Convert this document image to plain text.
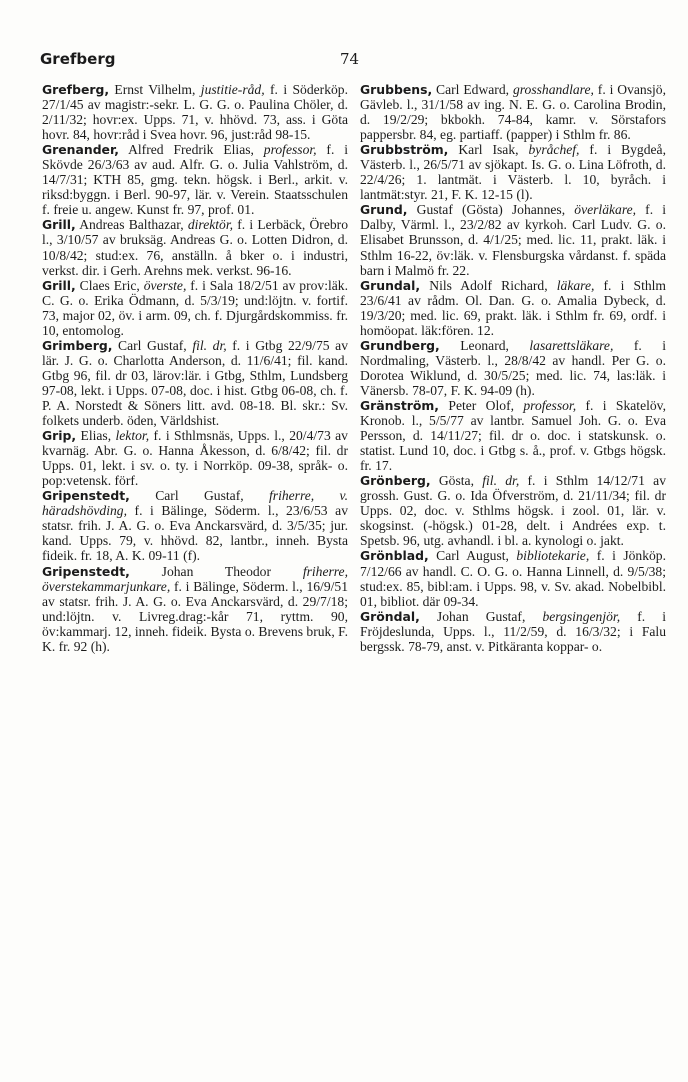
Grefberg	74
Grefberg, Ernst Vilhelm, justitie-råd, f. i Söderköp. 27/1/45 av magistr:-sekr. L. G. G. o. Paulina Chöler, d. 2/11/32; hovr:ex. Upps. 71, v. hhövd. 73, ass. i Göta hovr. 84, hovr:råd i Svea hovr. 96, just:råd 98-15.
Grenander, Alfred Fredrik Elias, professor, f. i Skövde 26/3/63 av aud. Alfr. G. o. Julia Vahlström, d. 14/7/31; KTH 85, gmg. tekn. högsk. i Berl., arkit. v. riksd:byggn. i Berl. 90-97, lär. v. Verein. Staatsschulen f. freie u. angew. Kunst fr. 97, prof. 01.
Grill, Andreas Balthazar, direktör, f. i Lerbäck, Örebro l., 3/10/57 av bruksäg. Andreas G. o. Lotten Didron, d. 10/8/42; stud:ex. 76, anställn. å bker o. i industri, verkst. dir. i Gerh. Arehns mek. verkst. 96-16.
Grill, Claes Eric, överste, f. i Sala 18/2/51 av prov:läk. C. G. o. Erika Ödmann, d. 5/3/19; und:löjtn. v. fortif. 73, major 02, öv. i arm. 09, ch. f. Djurgårdskommiss. fr. 10, entomolog.
Grimberg, Carl Gustaf, fil. dr, f. i Gtbg 22/9/75 av lär. J. G. o. Charlotta Anderson, d. 11/6/41; fil. kand. Gtbg 96, fil. dr 03, lärov:lär. i Gtbg, Sthlm, Lundsberg 97-08, lekt. i Upps. 07-08, doc. i hist. Gtbg 06-08, ch. f. P. A. Norstedt & Söners litt. avd. 08-18. Bl. skr.: Sv. folkets underb. öden, Världshist.
Grip, Elias, lektor, f. i Sthlmsnäs, Upps. l., 20/4/73 av kvarnäg. Abr. G. o. Hanna Åkesson, d. 6/8/42; fil. dr Upps. 01, lekt. i sv. o. ty. i Norrköp. 09-38, språk- o. pop:vetensk. förf.
Gripenstedt, Carl Gustaf, friherre, v. häradshövding, f. i Bälinge, Söderm. l., 23/6/53 av statsr. frih. J. A. G. o. Eva Anckarsvärd, d. 3/5/35; jur. kand. Upps. 79, v. hhövd. 82, lantbr., inneh. Bysta fideik. fr. 18, A. K. 09-11 (f).
Gripenstedt, Johan Theodor friherre, överstekammarjunkare, f. i Bälinge, Söderm. l., 16/9/51 av statsr. frih. J. A. G. o. Eva Anckarsvärd, d. 29/7/18; und:löjtn. v. Livreg.drag:-kår 71, ryttm. 90, öv:kammarj. 12, inneh. fideik. Bysta o. Brevens bruk, F. K. fr. 92 (h).
Grubbens, Carl Edward, grosshandlare, f. i Ovansjö, Gävleb. l., 31/1/58 av ing. N. E. G. o. Carolina Brodin, d. 19/2/29; bkbokh. 74-84, kamr. v. Sörstafors pappersbr. 84, eg. partiaff. (papper) i Sthlm fr. 86.
Grubbström, Karl Isak, byråchef, f. i Bygdeå, Västerb. l., 26/5/71 av sjökapt. Is. G. o. Lina Löfroth, d. 22/4/26; 1. lantmät. i Västerb. l. 10, byråch. i lantmät:styr. 21, F. K. 12-15 (l).
Grund, Gustaf (Gösta) Johannes, överläkare, f. i Dalby, Värml. l., 23/2/82 av kyrkoh. Carl Ludv. G. o. Elisabet Brunsson, d. 4/1/25; med. lic. 11, prakt. läk. i Sthlm 16-22, öv:läk. v. Flensburgska vårdanst. f. späda barn i Malmö fr. 22.
Grundal, Nils Adolf Richard, läkare, f. i Sthlm 23/6/41 av rådm. Ol. Dan. G. o. Amalia Dybeck, d. 19/3/20; med. lic. 69, prakt. läk. i Sthlm fr. 69, ordf. i homöopat. läk:fören. 12.
Grundberg, Leonard, lasarettsläkare, f. i Nordmaling, Västerb. l., 28/8/42 av handl. Per G. o. Dorotea Wiklund, d. 30/5/25; med. lic. 74, las:läk. i Vänersb. 78-07, F. K. 94-09 (h).
Gränström, Peter Olof, professor, f. i Skatelöv, Kronob. l., 5/5/77 av lantbr. Samuel Joh. G. o. Eva Persson, d. 14/11/27; fil. dr o. doc. i statskunsk. o. statist. Lund 10, doc. i Gtbg s. å., prof. v. Gtbgs högsk. fr. 17.
Grönberg, Gösta, fil. dr, f. i Sthlm 14/12/71 av grossh. Gust. G. o. Ida Öfverström, d. 21/11/34; fil. dr Upps. 02, doc. v. Sthlms högsk. i zool. 01, lär. v. skogsinst. (-högsk.) 01-28, delt. i Andrées exp. t. Spetsb. 96, utg. avhandl. i bl. a. kynologi o. jakt.
Grönblad, Carl August, bibliotekarie, f. i Jönköp. 7/12/66 av handl. C. O. G. o. Hanna Linnell, d. 9/5/38; stud:ex. 85, bibl:am. i Upps. 98, v. Sv. akad. Nobelbibl. 01, bibliot. där 09-34.
Gröndal, Johan Gustaf, bergsingenjör, f. i Fröjdeslunda, Upps. l., 11/2/59, d. 16/3/32; i Falu bergssk. 78-79, anst. v. Pitkäranta koppar- o.
